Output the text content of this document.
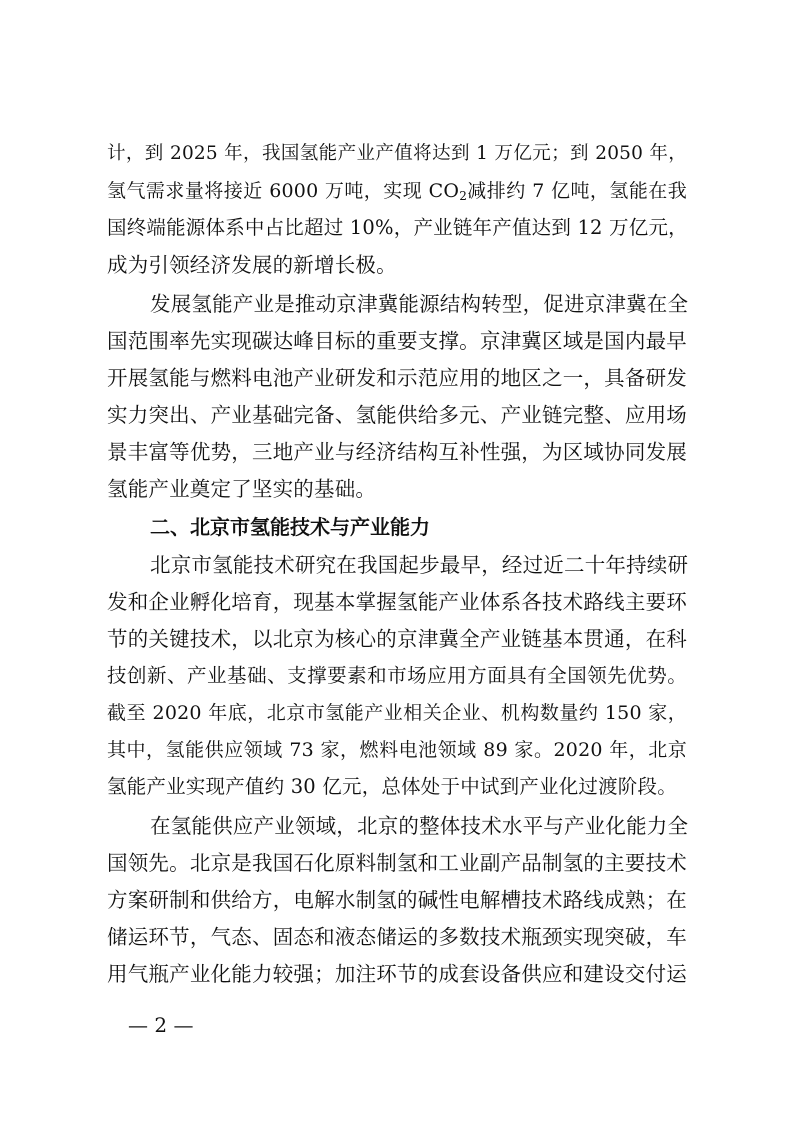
计，到 2025 年，我国氢能产业产值将达到 1 万亿元；到 2050 年，
氢气需求量将接近 6000 万吨，实现 $CO_2$减排约 7 亿吨，氢能在我
国终端能源体系中占比超过 10%，产业链年产值达到 12 万亿元，
成为引领经济发展的新增长极。
发展氢能产业是推动京津冀能源结构转型，促进京津冀在全
国范围率先实现碳达峰目标的重要支撑。京津冀区域是国内最早
开展氢能与燃料电池产业研发和示范应用的地区之一，具备研发
实力突出、产业基础完备、氢能供给多元、产业链完整、应用场
景丰富等优势，三地产业与经济结构互补性强，为区域协同发展
氢能产业奠定了坚实的基础。
二、北京市氢能技术与产业能力
北京市氢能技术研究在我国起步最早，经过近二十年持续研
发和企业孵化培育，现基本掌握氢能产业体系各技术路线主要环
节的关键技术，以北京为核心的京津冀全产业链基本贯通，在科
技创新、产业基础、支撑要素和市场应用方面具有全国领先优势。
截至 2020 年底，北京市氢能产业相关企业、机构数量约 150 家，
其中，氢能供应领域 73 家，燃料电池领域 89 家。2020 年，北京
氢能产业实现产值约 30 亿元，总体处于中试到产业化过渡阶段。
在氢能供应产业领域，北京的整体技术水平与产业化能力全
国领先。北京是我国石化原料制氢和工业副产品制氢的主要技术
方案研制和供给方，电解水制氢的碱性电解槽技术路线成熟；在
储运环节，气态、固态和液态储运的多数技术瓶颈实现突破，车
用气瓶产业化能力较强；加注环节的成套设备供应和建设交付运
— 2 —
